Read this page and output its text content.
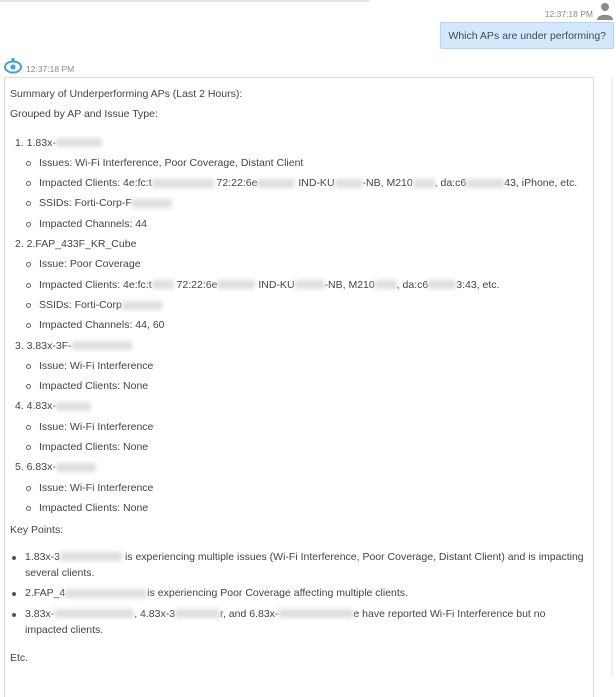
12:37:18 PM
Which APs are under performing?
12:37:18 PM
Summary of Underperforming APs (Last 2 Hours):
Grouped by AP and Issue Type:
1. 1.83x-
Issues: Wi-Fi Interference, Poor Coverage, Distant Client
Impacted Clients: 4e:fc:t	72:22:6e	IND-KU	-NB, M210 , da:c6	43, iPhone, etc.
SSIDs: Forti-Corp-F
Impacted Channels: 44
2. 2.FAP_433F_KR_Cube
Issue: Poor Coverage
Impacted Clients: 4e:fc:t 72:22:6e	IND-KU	-NB, M210 , da:c6	3:43, etc.
SSIDs: Forti-Corp
Impacted Channels: 44, 60
3. 3.83x-3F-
Issue: Wi-Fi Interference
Impacted Clients: None
4. 4.83x-
Issue: Wi-Fi Interference
Impacted Clients: None
5. 6.83x-
Issue: Wi-Fi Interference
Impacted Clients: None
Key Points:
1.83x-3	is experiencing multiple issues (Wi-Fi Interference, Poor Coverage, Distant Client) and is impacting several clients.
2.FAP_4	is experiencing Poor Coverage affecting multiple clients.
3.83x-	, 4.83x-3	r, and 6.83x-	e have reported Wi-Fi Interference but no impacted clients.
Etc.
